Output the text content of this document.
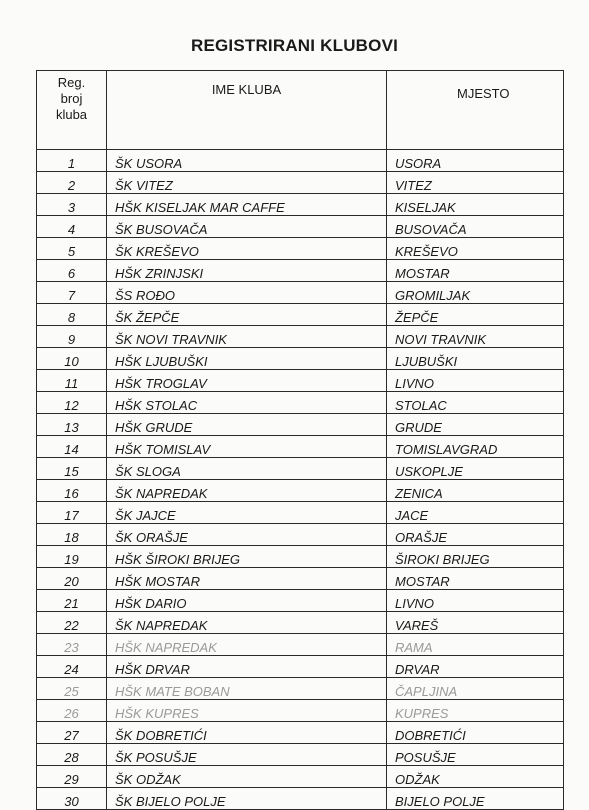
REGISTRIRANI KLUBOVI
Reg.
broj
kluba	IME KLUBA	MJESTO
1	ŠK USORA	USORA
2	ŠK VITEZ	VITEZ
3	HŠK KISELJAK MAR CAFFE	KISELJAK
4	ŠK BUSOVAČA	BUSOVAČA
5	ŠK KREŠEVO	KREŠEVO
6	HŠK ZRINJSKI	MOSTAR
7	ŠS ROĐO	GROMILJAK
8	ŠK ŽEPČE	ŽEPČE
9	ŠK NOVI TRAVNIK	NOVI TRAVNIK
10	HŠK LJUBUŠKI	LJUBUŠKI
11	HŠK TROGLAV	LIVNO
12	HŠK STOLAC	STOLAC
13	HŠK GRUDE	GRUDE
14	HŠK TOMISLAV	TOMISLAVGRAD
15	ŠK SLOGA	USKOPLJE
16	ŠK NAPREDAK	ZENICA
17	ŠK JAJCE	JACE
18	ŠK ORAŠJE	ORAŠJE
19	HŠK ŠIROKI BRIJEG	ŠIROKI BRIJEG
20	HŠK MOSTAR	MOSTAR
21	HŠK DARIO	LIVNO
22	ŠK NAPREDAK	VAREŠ
23	HŠK NAPREDAK	RAMA
24	HŠK DRVAR	DRVAR
25	HŠK MATE BOBAN	ČAPLJINA
26	HŠK KUPRES	KUPRES
27	ŠK DOBRETIĆI	DOBRETIĆI
28	ŠK POSUŠJE	POSUŠJE
29	ŠK ODŽAK	ODŽAK
30	ŠK BIJELO POLJE	BIJELO POLJE
